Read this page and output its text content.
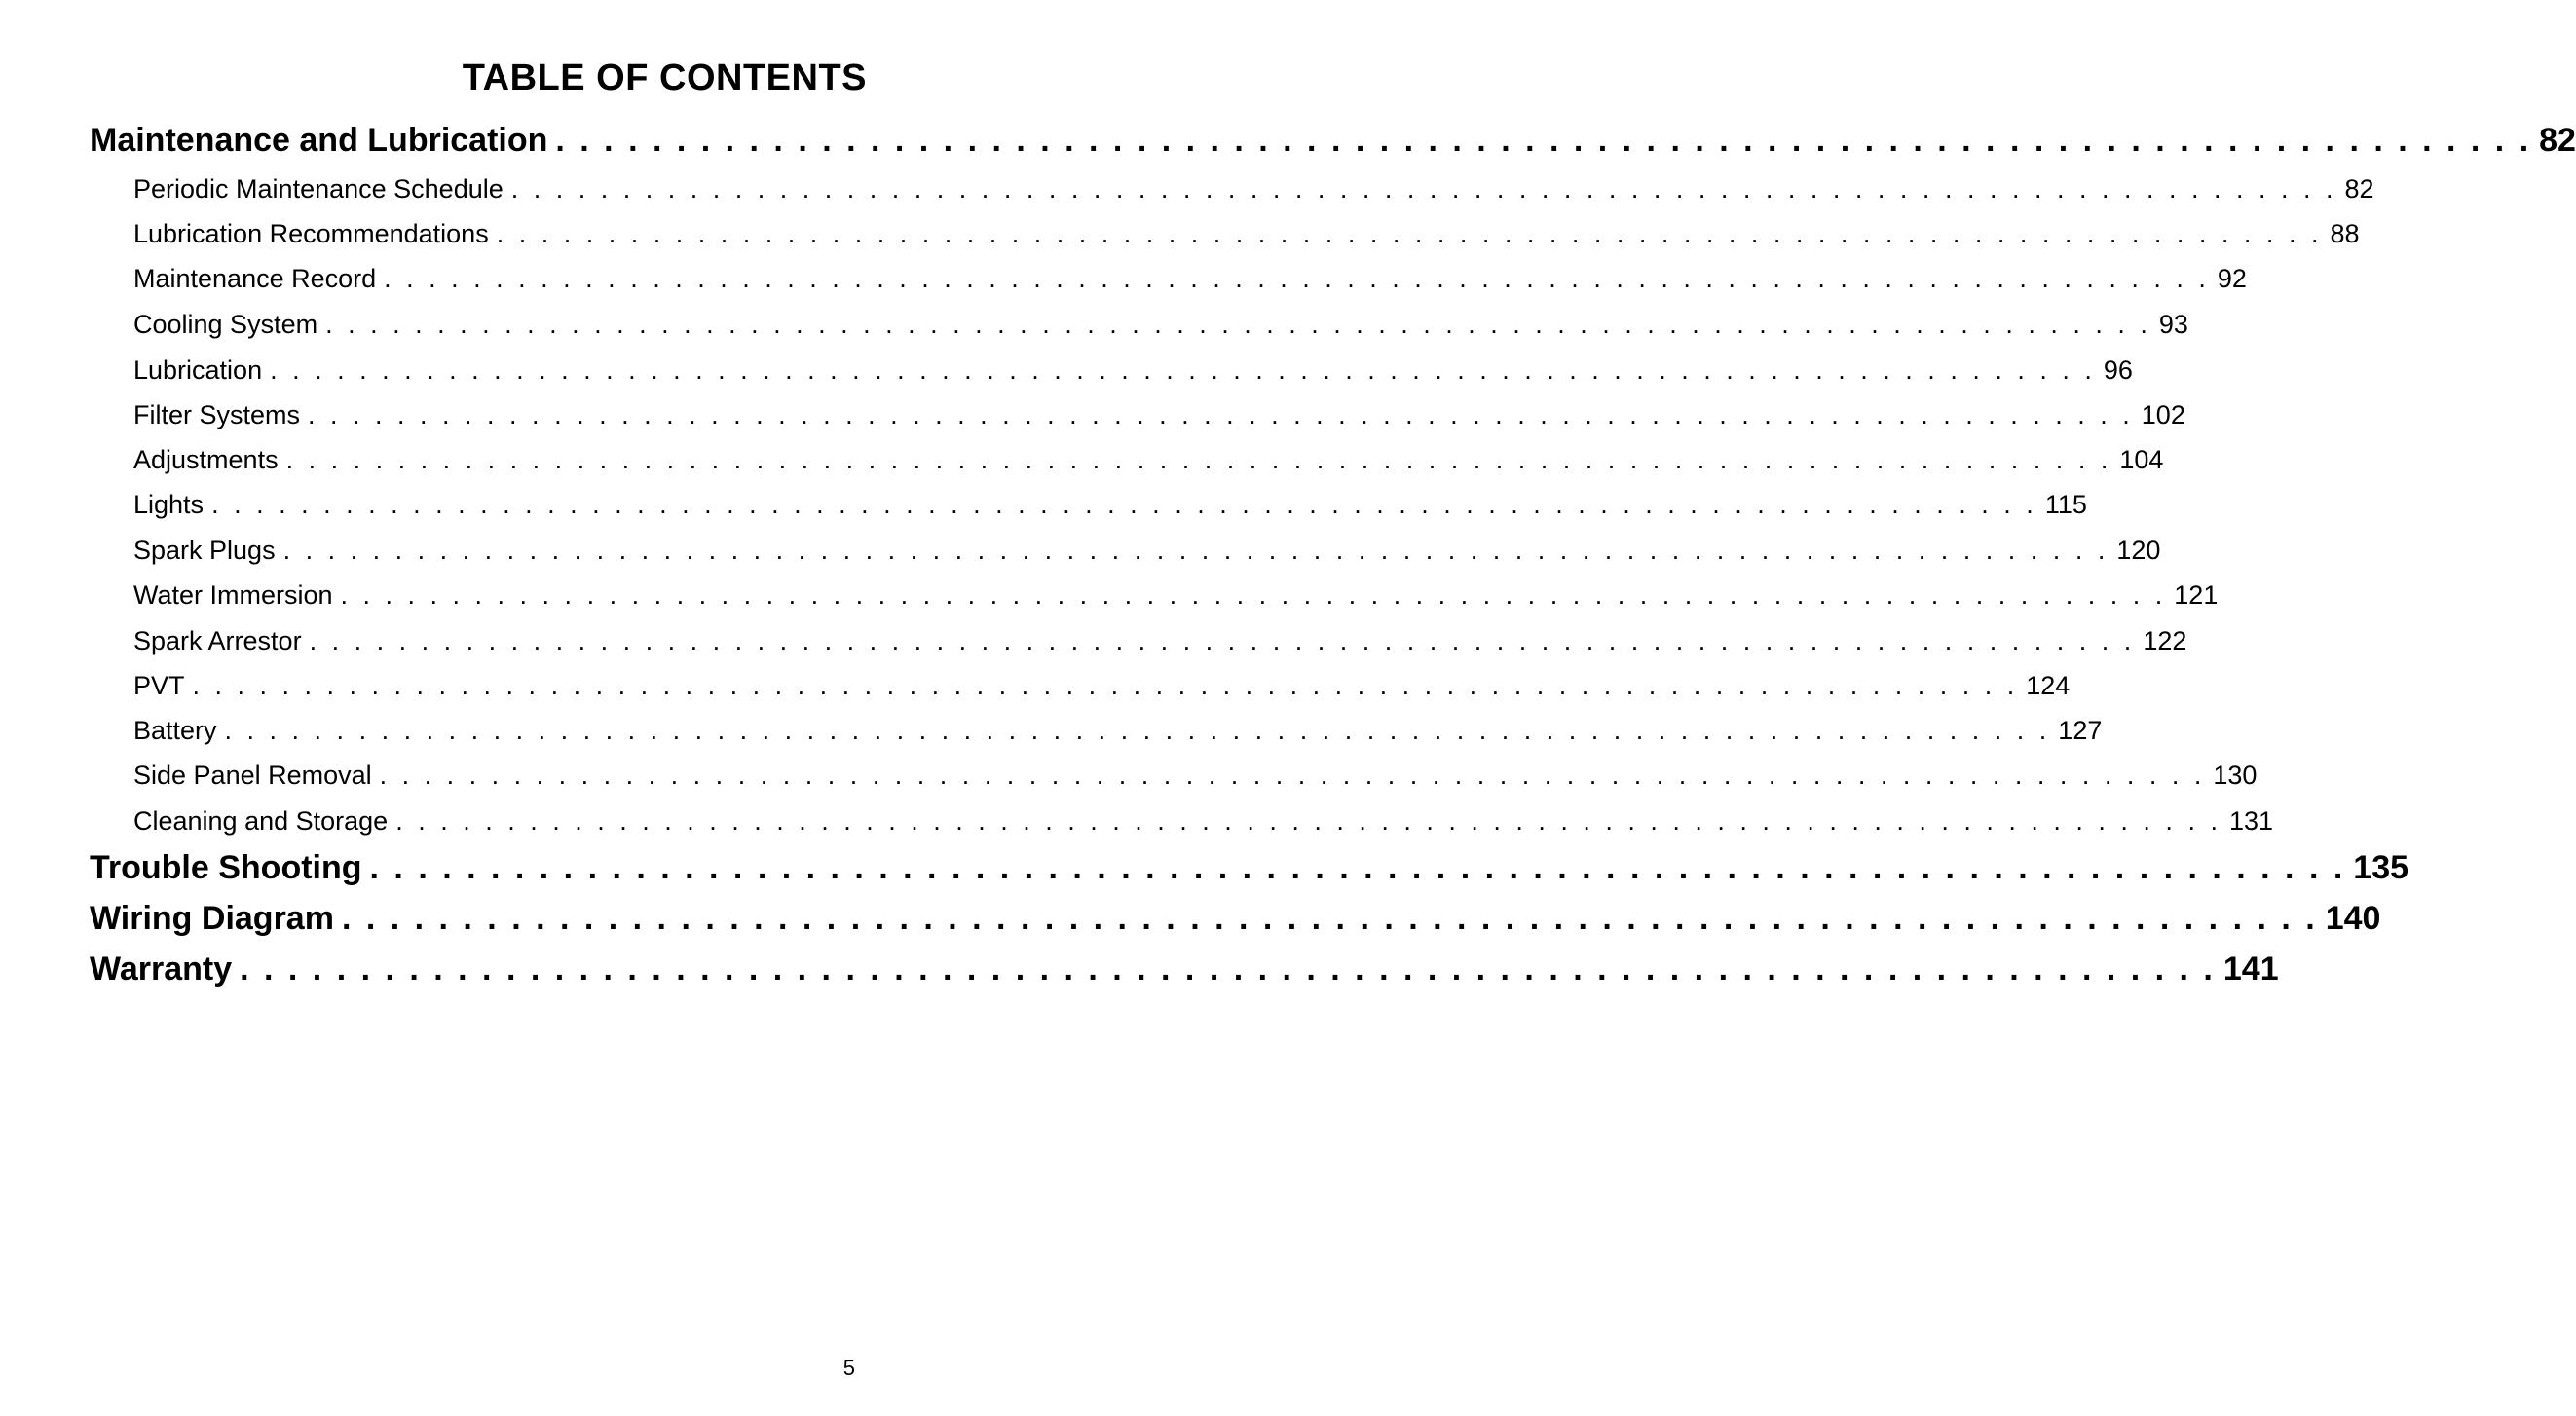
TABLE OF CONTENTS
Maintenance and Lubrication . . . . . . . . . . . . . . . . . . . . . . . . . . . . . . . . . . . . . . . . . . . . . . . . . . . . . . . . . . . . . . . . . . . . . . . . . . . . . . . . . . 82
Periodic Maintenance Schedule . . . . . . . . . . . . . . . . . . . . . . . . . . . . . . . . . . . . . . . . . . . . . . . . . . . . . . . . . . . . . . . . . . . . . . . . . . . . . . . . . . 82
Lubrication Recommendations . . . . . . . . . . . . . . . . . . . . . . . . . . . . . . . . . . . . . . . . . . . . . . . . . . . . . . . . . . . . . . . . . . . . . . . . . . . . . . . . . . 88
Maintenance Record . . . . . . . . . . . . . . . . . . . . . . . . . . . . . . . . . . . . . . . . . . . . . . . . . . . . . . . . . . . . . . . . . . . . . . . . . . . . . . . . . . 92
Cooling System . . . . . . . . . . . . . . . . . . . . . . . . . . . . . . . . . . . . . . . . . . . . . . . . . . . . . . . . . . . . . . . . . . . . . . . . . . . . . . . . . . 93
Lubrication . . . . . . . . . . . . . . . . . . . . . . . . . . . . . . . . . . . . . . . . . . . . . . . . . . . . . . . . . . . . . . . . . . . . . . . . . . . . . . . . . . 96
Filter Systems . . . . . . . . . . . . . . . . . . . . . . . . . . . . . . . . . . . . . . . . . . . . . . . . . . . . . . . . . . . . . . . . . . . . . . . . . . . . . . . . . . 102
Adjustments . . . . . . . . . . . . . . . . . . . . . . . . . . . . . . . . . . . . . . . . . . . . . . . . . . . . . . . . . . . . . . . . . . . . . . . . . . . . . . . . . . 104
Lights . . . . . . . . . . . . . . . . . . . . . . . . . . . . . . . . . . . . . . . . . . . . . . . . . . . . . . . . . . . . . . . . . . . . . . . . . . . . . . . . . . 115
Spark Plugs . . . . . . . . . . . . . . . . . . . . . . . . . . . . . . . . . . . . . . . . . . . . . . . . . . . . . . . . . . . . . . . . . . . . . . . . . . . . . . . . . . 120
Water Immersion . . . . . . . . . . . . . . . . . . . . . . . . . . . . . . . . . . . . . . . . . . . . . . . . . . . . . . . . . . . . . . . . . . . . . . . . . . . . . . . . . . 121
Spark Arrestor . . . . . . . . . . . . . . . . . . . . . . . . . . . . . . . . . . . . . . . . . . . . . . . . . . . . . . . . . . . . . . . . . . . . . . . . . . . . . . . . . . 122
PVT . . . . . . . . . . . . . . . . . . . . . . . . . . . . . . . . . . . . . . . . . . . . . . . . . . . . . . . . . . . . . . . . . . . . . . . . . . . . . . . . . . 124
Battery . . . . . . . . . . . . . . . . . . . . . . . . . . . . . . . . . . . . . . . . . . . . . . . . . . . . . . . . . . . . . . . . . . . . . . . . . . . . . . . . . . 127
Side Panel Removal . . . . . . . . . . . . . . . . . . . . . . . . . . . . . . . . . . . . . . . . . . . . . . . . . . . . . . . . . . . . . . . . . . . . . . . . . . . . . . . . . . 130
Cleaning and Storage . . . . . . . . . . . . . . . . . . . . . . . . . . . . . . . . . . . . . . . . . . . . . . . . . . . . . . . . . . . . . . . . . . . . . . . . . . . . . . . . . . 131
Trouble Shooting . . . . . . . . . . . . . . . . . . . . . . . . . . . . . . . . . . . . . . . . . . . . . . . . . . . . . . . . . . . . . . . . . . . . . . . . . . . . . . . . . . 135
Wiring Diagram . . . . . . . . . . . . . . . . . . . . . . . . . . . . . . . . . . . . . . . . . . . . . . . . . . . . . . . . . . . . . . . . . . . . . . . . . . . . . . . . . . 140
Warranty . . . . . . . . . . . . . . . . . . . . . . . . . . . . . . . . . . . . . . . . . . . . . . . . . . . . . . . . . . . . . . . . . . . . . . . . . . . . . . . . . . 141
5
